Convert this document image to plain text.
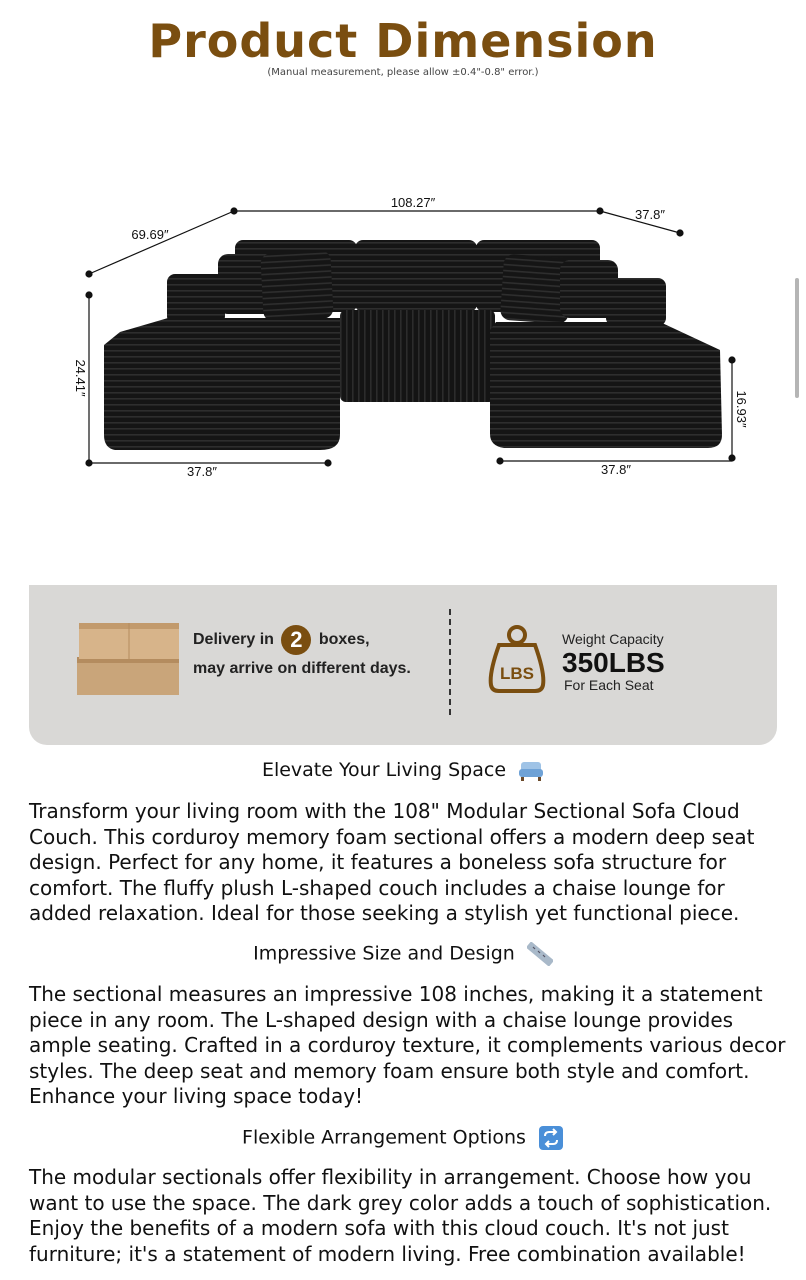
Product Dimension
(Manual measurement, please allow ±0.4"-0.8" error.)
108.27″
69.69″
37.8″
24.41″
16.93″
37.8″	37.8″
Delivery in 2 boxes,
may arrive on different days.	LBS
Weight Capacity
350LBS
For Each Seat
Elevate Your Living Space

Transform your living room with the 108" Modular Sectional Sofa Cloud Couch. This corduroy memory foam sectional offers a modern deep seat design. Perfect for any home, it features a boneless sofa structure for comfort. The fluffy plush L-shaped couch includes a chaise lounge for added relaxation. Ideal for those seeking a stylish yet functional piece.

Impressive Size and Design

The sectional measures an impressive 108 inches, making it a statement piece in any room. The L-shaped design with a chaise lounge provides ample seating. Crafted in a corduroy texture, it complements various decor styles. The deep seat and memory foam ensure both style and comfort. Enhance your living space today!

Flexible Arrangement Options

The modular sectionals offer flexibility in arrangement. Choose how you want to use the space. The dark grey color adds a touch of sophistication. Enjoy the benefits of a modern sofa with this cloud couch. It's not just furniture; it's a statement of modern living. Free combination available!
